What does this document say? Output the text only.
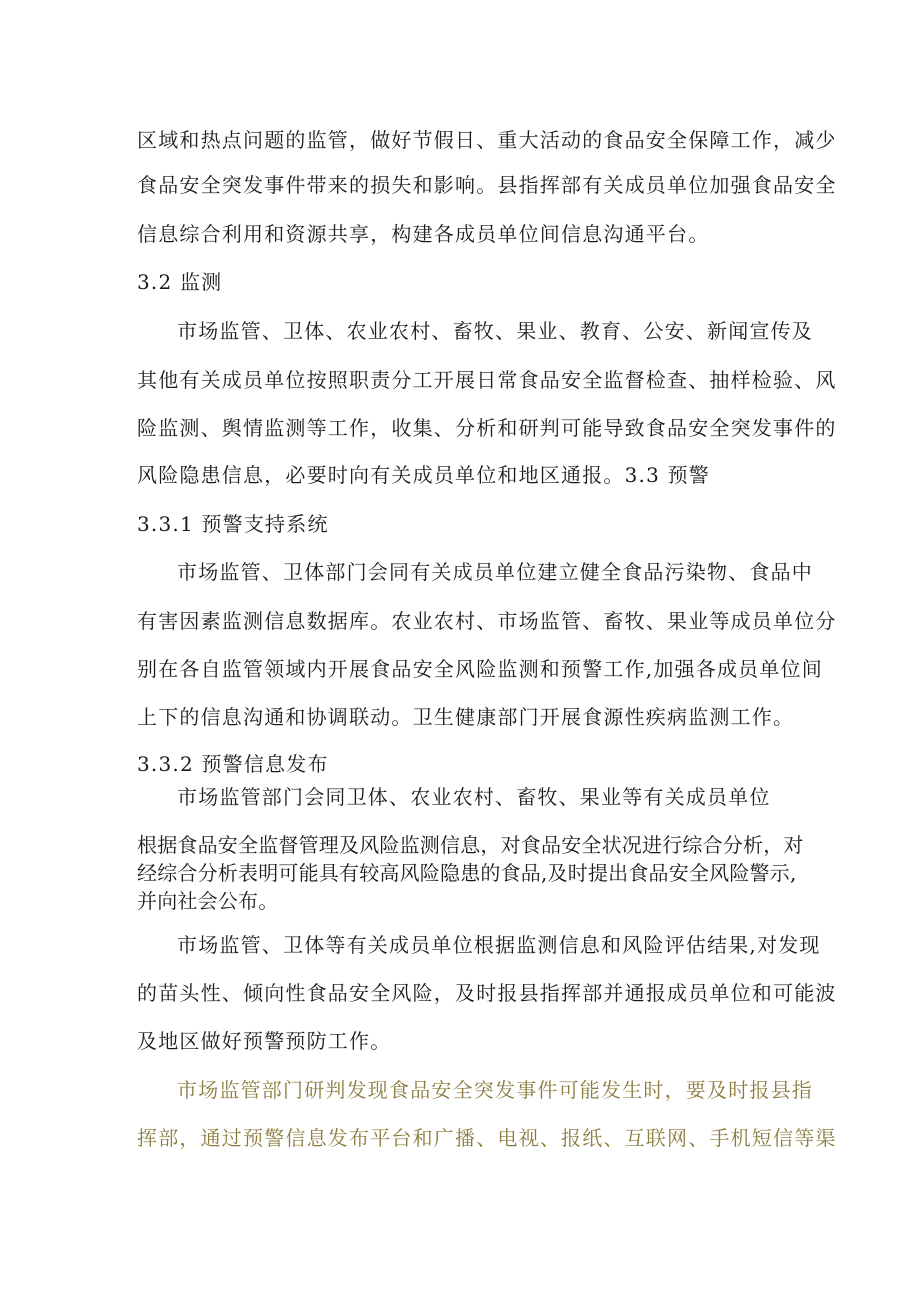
区域和热点问题的监管，做好节假日、重大活动的食品安全保障工作，减少
食品安全突发事件带来的损失和影响。县指挥部有关成员单位加强食品安全
信息综合利用和资源共享，构建各成员单位间信息沟通平台。
3.2 监测
市场监管、卫体、农业农村、畜牧、果业、教育、公安、新闻宣传及
其他有关成员单位按照职责分工开展日常食品安全监督检查、抽样检验、风
险监测、舆情监测等工作，收集、分析和研判可能导致食品安全突发事件的
风险隐患信息，必要时向有关成员单位和地区通报。3.3 预警
3.3.1 预警支持系统
市场监管、卫体部门会同有关成员单位建立健全食品污染物、食品中
有害因素监测信息数据库。农业农村、市场监管、畜牧、果业等成员单位分
别在各自监管领域内开展食品安全风险监测和预警工作,加强各成员单位间
上下的信息沟通和协调联动。卫生健康部门开展食源性疾病监测工作。
3.3.2 预警信息发布
市场监管部门会同卫体、农业农村、畜牧、果业等有关成员单位
根据食品安全监督管理及风险监测信息，对食品安全状况进行综合分析，对
经综合分析表明可能具有较高风险隐患的食品,及时提出食品安全风险警示,
并向社会公布。
市场监管、卫体等有关成员单位根据监测信息和风险评估结果,对发现
的苗头性、倾向性食品安全风险，及时报县指挥部并通报成员单位和可能波
及地区做好预警预防工作。
市场监管部门研判发现食品安全突发事件可能发生时，要及时报县指
挥部，通过预警信息发布平台和广播、电视、报纸、互联网、手机短信等渠
